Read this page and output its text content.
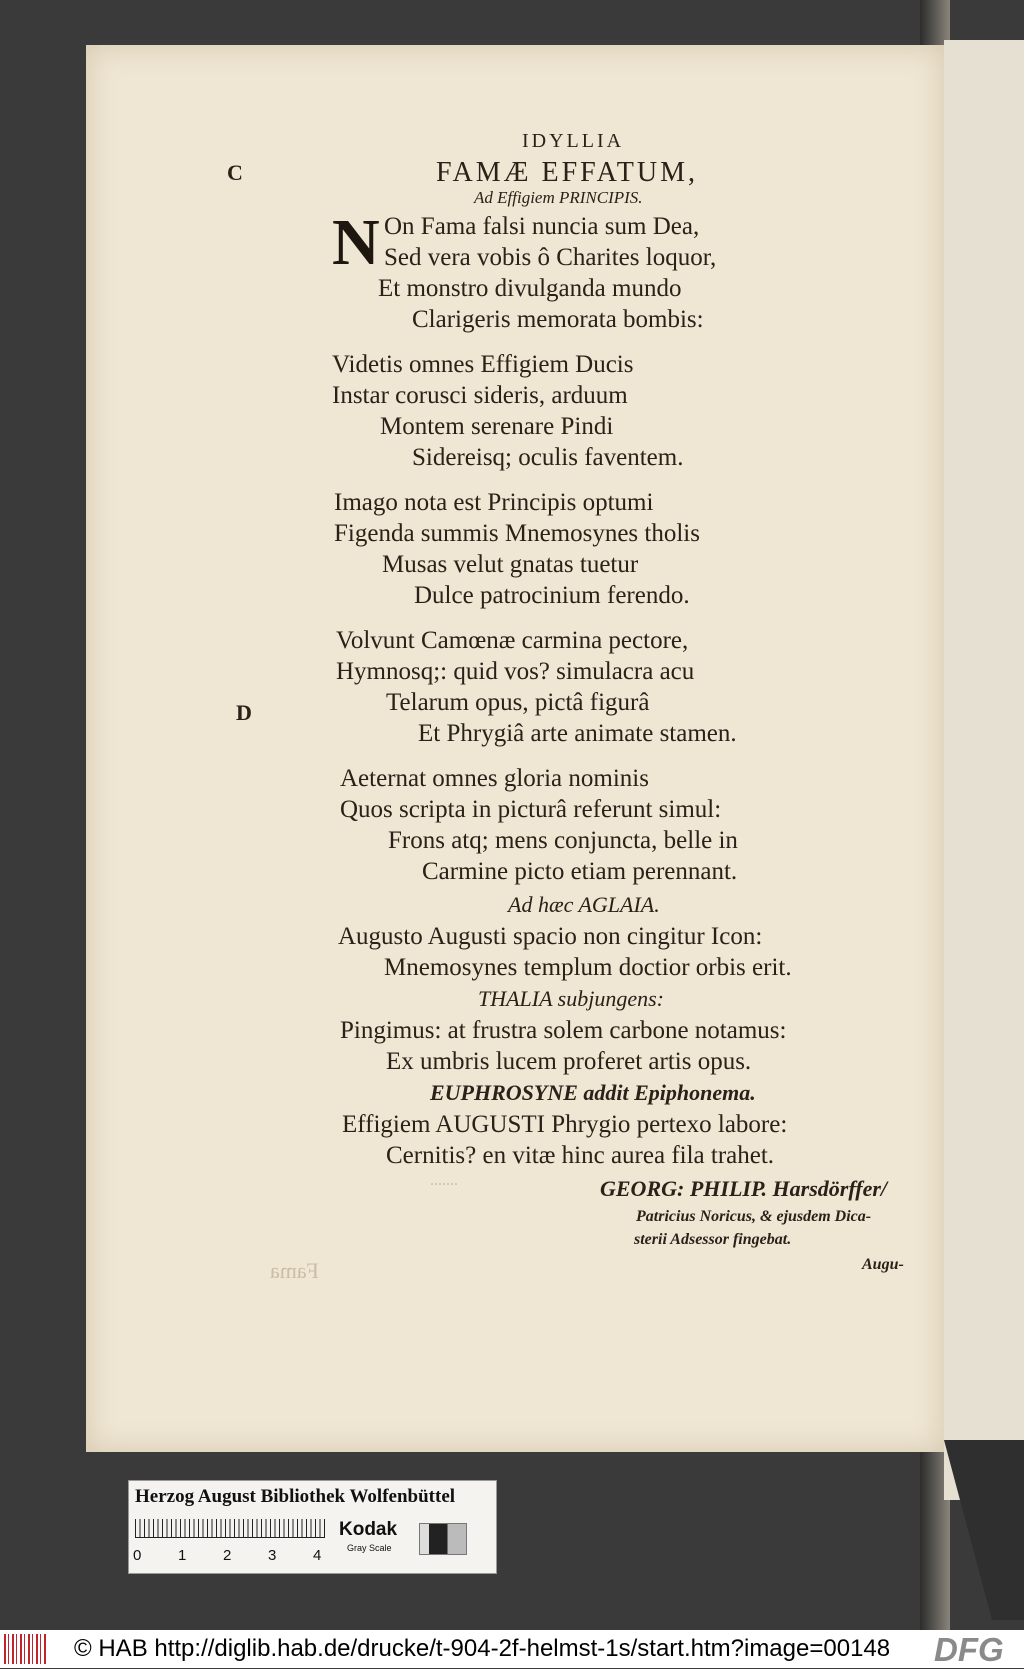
Fama
.......
C
D
IDYLLIA
FAMÆ EFFATUM,
Ad Effigiem PRINCIPIS.
N On Fama falsi nuncia sum Dea,
Sed vera vobis ô Charites loquor,
Et monstro divulganda mundo
Clarigeris memorata bombis:
Videtis omnes Effigiem Ducis
Instar corusci sideris, arduum
Montem serenare Pindi
Sidereisq; oculis faventem.
Imago nota est Principis optumi
Figenda summis Mnemosynes tholis
Musas velut gnatas tuetur
Dulce patrocinium ferendo.
Volvunt Camœnæ carmina pectore,
Hymnosq;: quid vos? simulacra acu
Telarum opus, pictâ figurâ
Et Phrygiâ arte animate stamen.
Aeternat omnes gloria nominis
Quos scripta in picturâ referunt simul:
Frons atq; mens conjuncta, belle in
Carmine picto etiam perennant.
Ad hæc AGLAIA.
Augusto Augusti spacio non cingitur Icon:
Mnemosynes templum doctior orbis erit.
THALIA subjungens:
Pingimus: at frustra solem carbone notamus:
Ex umbris lucem proferet artis opus.
EUPHROSYNE addit Epiphonema.
Effigiem AUGUSTI Phrygio pertexo labore:
Cernitis? en vitæ hinc aurea fila trahet.
GEORG: PHILIP. Harsdörffer/
Patricius Noricus, & ejusdem Dica-
sterii Adsessor fingebat.
Augu-
Herzog August Bibliothek Wolfenbüttel
0 1 2 3 4
Kodak
Gray Scale
© HAB http://diglib.hab.de/drucke/t-904-2f-helmst-1s/start.htm?image=00148 DFG
